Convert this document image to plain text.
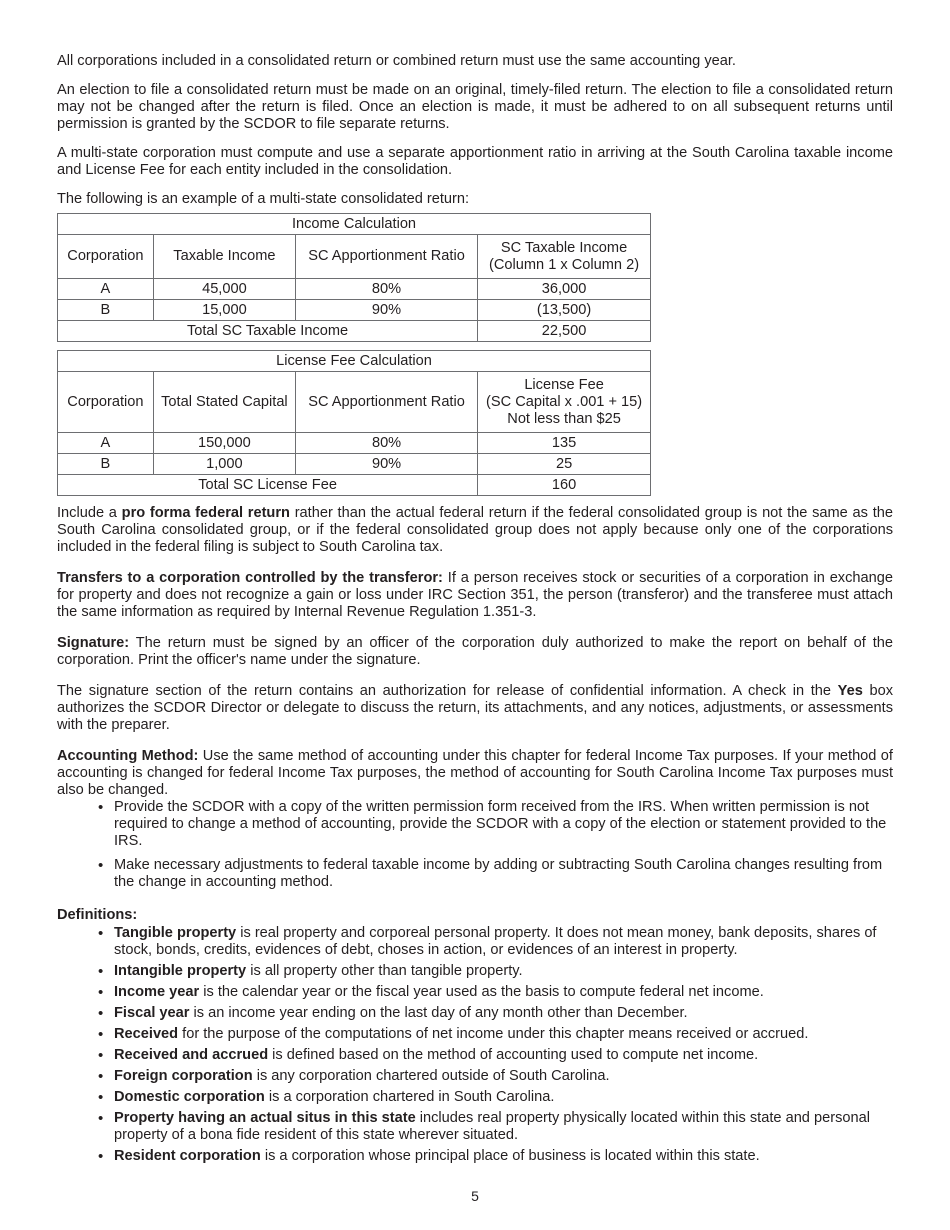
All corporations included in a consolidated return or combined return must use the same accounting year.

An election to file a consolidated return must be made on an original, timely-filed return. The election to file a consolidated return may not be changed after the return is filed. Once an election is made, it must be adhered to on all subsequent returns until permission is granted by the SCDOR to file separate returns.

A multi-state corporation must compute and use a separate apportionment ratio in arriving at the South Carolina taxable income and License Fee for each entity included in the consolidation.

The following is an example of a multi-state consolidated return:

Income Calculation			
Corporation	Taxable Income	SC Apportionment Ratio	SC Taxable Income
(Column 1 x Column 2)
A	45,000	80%	36,000
B	15,000	90%	(13,500)
Total SC Taxable Income			22,500
License Fee Calculation			
Corporation	Total Stated Capital	SC Apportionment Ratio	License Fee
(SC Capital x .001 + 15)
Not less than $25
A	150,000	80%	135
B	1,000	90%	25
Total SC License Fee			160

Include a pro forma federal return rather than the actual federal return if the federal consolidated group is not the same as the South Carolina consolidated group, or if the federal consolidated group does not apply because only one of the corporations included in the federal filing is subject to South Carolina tax.

Transfers to a corporation controlled by the transferor: If a person receives stock or securities of a corporation in exchange for property and does not recognize a gain or loss under IRC Section 351, the person (transferor) and the transferee must attach the same information as required by Internal Revenue Regulation 1.351-3.

Signature: The return must be signed by an officer of the corporation duly authorized to make the report on behalf of the corporation. Print the officer's name under the signature.

The signature section of the return contains an authorization for release of confidential information. A check in the Yes box authorizes the SCDOR Director or delegate to discuss the return, its attachments, and any notices, adjustments, or assessments with the preparer.

Accounting Method: Use the same method of accounting under this chapter for federal Income Tax purposes. If your method of accounting is changed for federal Income Tax purposes, the method of accounting for South Carolina Income Tax purposes must also be changed.

• Provide the SCDOR with a copy of the written permission form received from the IRS. When written permission is not required to change a method of accounting, provide the SCDOR with a copy of the election or statement provided to the IRS.
• Make necessary adjustments to federal taxable income by adding or subtracting South Carolina changes resulting from the change in accounting method.
Definitions:
• Tangible property is real property and corporeal personal property. It does not mean money, bank deposits, shares of stock, bonds, credits, evidences of debt, choses in action, or evidences of an interest in property.
• Intangible property is all property other than tangible property.
• Income year is the calendar year or the fiscal year used as the basis to compute federal net income.
• Fiscal year is an income year ending on the last day of any month other than December.
• Received for the purpose of the computations of net income under this chapter means received or accrued.
• Received and accrued is defined based on the method of accounting used to compute net income.
• Foreign corporation is any corporation chartered outside of South Carolina.
• Domestic corporation is a corporation chartered in South Carolina.
• Property having an actual situs in this state includes real property physically located within this state and personal property of a bona fide resident of this state wherever situated.
• Resident corporation is a corporation whose principal place of business is located within this state.
5
